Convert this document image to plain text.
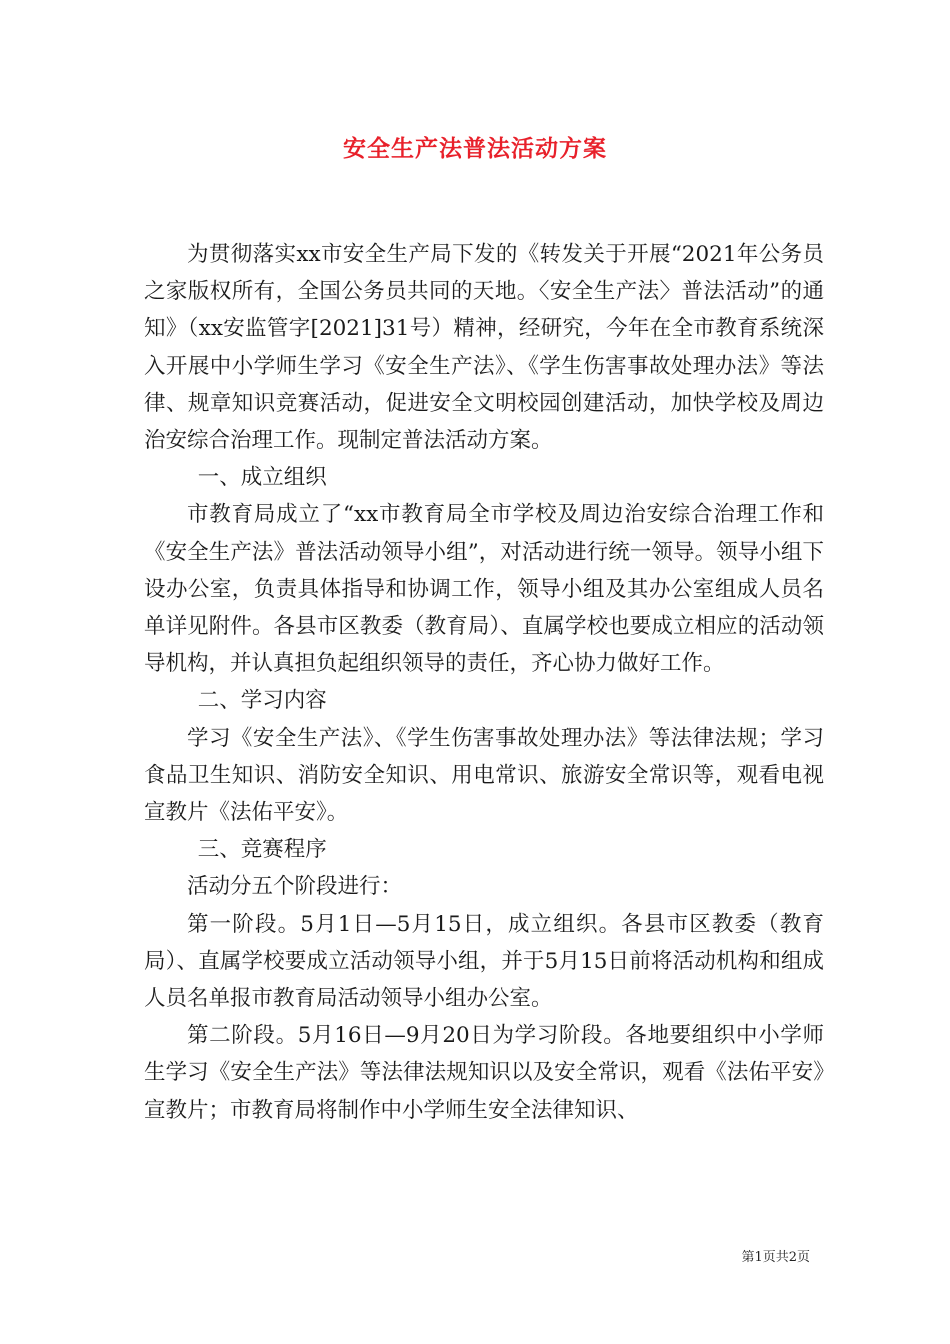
安全生产法普法活动方案

为贯彻落实xx市安全生产局下发的《转发关于开展“2021年公务员之家版权所有，全国公务员共同的天地。〈安全生产法〉普法活动”的通知》（xx安监管字[2021]31号）精神，经研究，今年在全市教育系统深入开展中小学师生学习《安全生产法》、《学生伤害事故处理办法》等法律、规章知识竞赛活动，促进安全文明校园创建活动，加快学校及周边治安综合治理工作。现制定普法活动方案。

一、成立组织

市教育局成立了“xx市教育局全市学校及周边治安综合治理工作和《安全生产法》普法活动领导小组”，对活动进行统一领导。领导小组下设办公室，负责具体指导和协调工作，领导小组及其办公室组成人员名单详见附件。各县市区教委（教育局）、直属学校也要成立相应的活动领导机构，并认真担负起组织领导的责任，齐心协力做好工作。

二、学习内容

学习《安全生产法》、《学生伤害事故处理办法》等法律法规；学习食品卫生知识、消防安全知识、用电常识、旅游安全常识等，观看电视宣教片《法佑平安》。

三、竞赛程序

活动分五个阶段进行：

第一阶段。5月1日—5月15日，成立组织。各县市区教委（教育局）、直属学校要成立活动领导小组，并于5月15日前将活动机构和组成人员名单报市教育局活动领导小组办公室。

第二阶段。5月16日—9月20日为学习阶段。各地要组织中小学师生学习《安全生产法》等法律法规知识以及安全常识，观看《法佑平安》宣教片；市教育局将制作中小学师生安全法律知识、

第1页共2页
